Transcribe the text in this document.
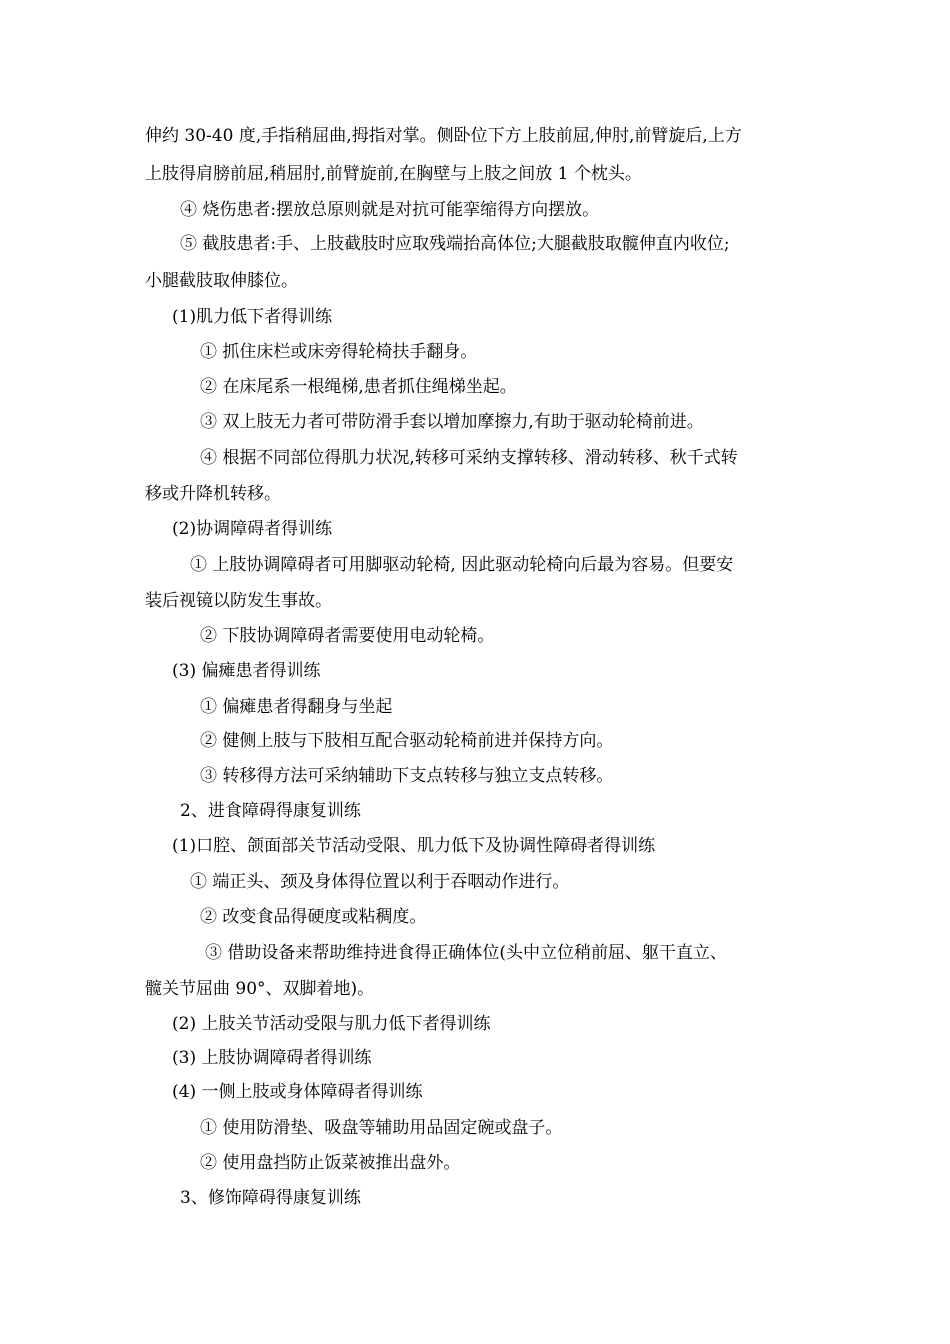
伸约 30-40 度,手指稍屈曲,拇指对掌。侧卧位下方上肢前屈,伸肘,前臂旋后,上方
上肢得肩膀前屈,稍屈肘,前臂旋前,在胸壁与上肢之间放 1 个枕头。
④ 烧伤患者:摆放总原则就是对抗可能挛缩得方向摆放。
⑤ 截肢患者:手、上肢截肢时应取残端抬高体位;大腿截肢取髋伸直内收位;
小腿截肢取伸膝位。
(1)肌力低下者得训练
① 抓住床栏或床旁得轮椅扶手翻身。
② 在床尾系一根绳梯,患者抓住绳梯坐起。
③ 双上肢无力者可带防滑手套以增加摩擦力,有助于驱动轮椅前进。
④ 根据不同部位得肌力状况,转移可采纳支撑转移、滑动转移、秋千式转
移或升降机转移。
(2)协调障碍者得训练
① 上肢协调障碍者可用脚驱动轮椅, 因此驱动轮椅向后最为容易。但要安
装后视镜以防发生事故。
② 下肢协调障碍者需要使用电动轮椅。
(3) 偏瘫患者得训练
① 偏瘫患者得翻身与坐起
② 健侧上肢与下肢相互配合驱动轮椅前进并保持方向。
③ 转移得方法可采纳辅助下支点转移与独立支点转移。
2、进食障碍得康复训练
(1)口腔、颌面部关节活动受限、肌力低下及协调性障碍者得训练
① 端正头、颈及身体得位置以利于吞咽动作进行。
② 改变食品得硬度或粘稠度。
③ 借助设备来帮助维持进食得正确体位(头中立位稍前屈、躯干直立、
髋关节屈曲 90°、双脚着地)。
(2) 上肢关节活动受限与肌力低下者得训练
(3) 上肢协调障碍者得训练
(4) 一侧上肢或身体障碍者得训练
① 使用防滑垫、吸盘等辅助用品固定碗或盘子。
② 使用盘挡防止饭菜被推出盘外。
3、修饰障碍得康复训练
